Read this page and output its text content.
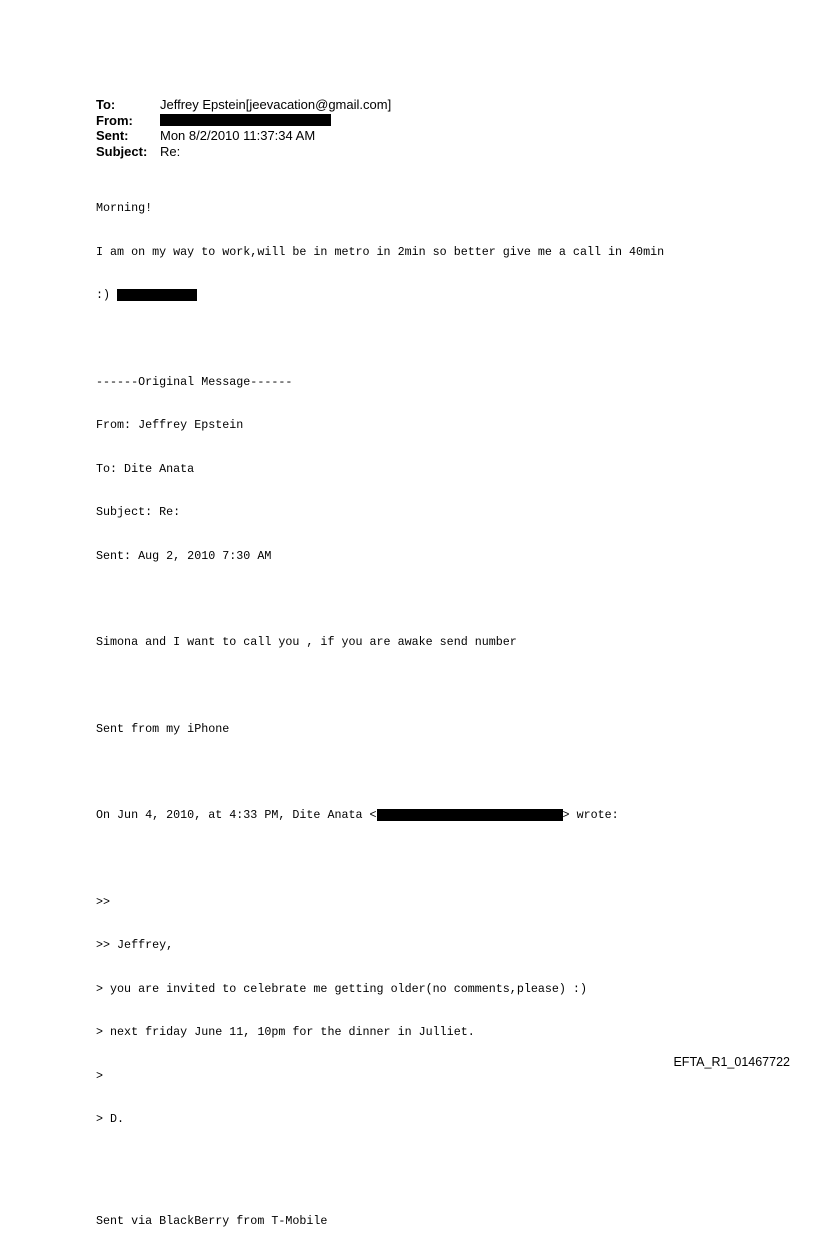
To:	Jeffrey Epstein[jeevacation@gmail.com]
From:
Sent:	Mon 8/2/2010 11:37:34 AM
Subject: Re:

Morning!

I am on my way to work,will be in metro in 2min so better give me a call in 40min

:)

------Original Message------

From: Jeffrey Epstein

To: Dite Anata

Subject: Re:

Sent: Aug 2, 2010 7:30 AM

Simona and I want to call you , if you are awake send number

Sent from my iPhone

On Jun 4, 2010, at 4:33 PM, Dite Anata <	> wrote:

>>

>> Jeffrey,

> you are invited to celebrate me getting older(no comments,please) :)

> next friday June 11, 10pm for the dinner in Julliet.

>

> D.

Sent via BlackBerry from T-Mobile

EFTA_R1_01467722
